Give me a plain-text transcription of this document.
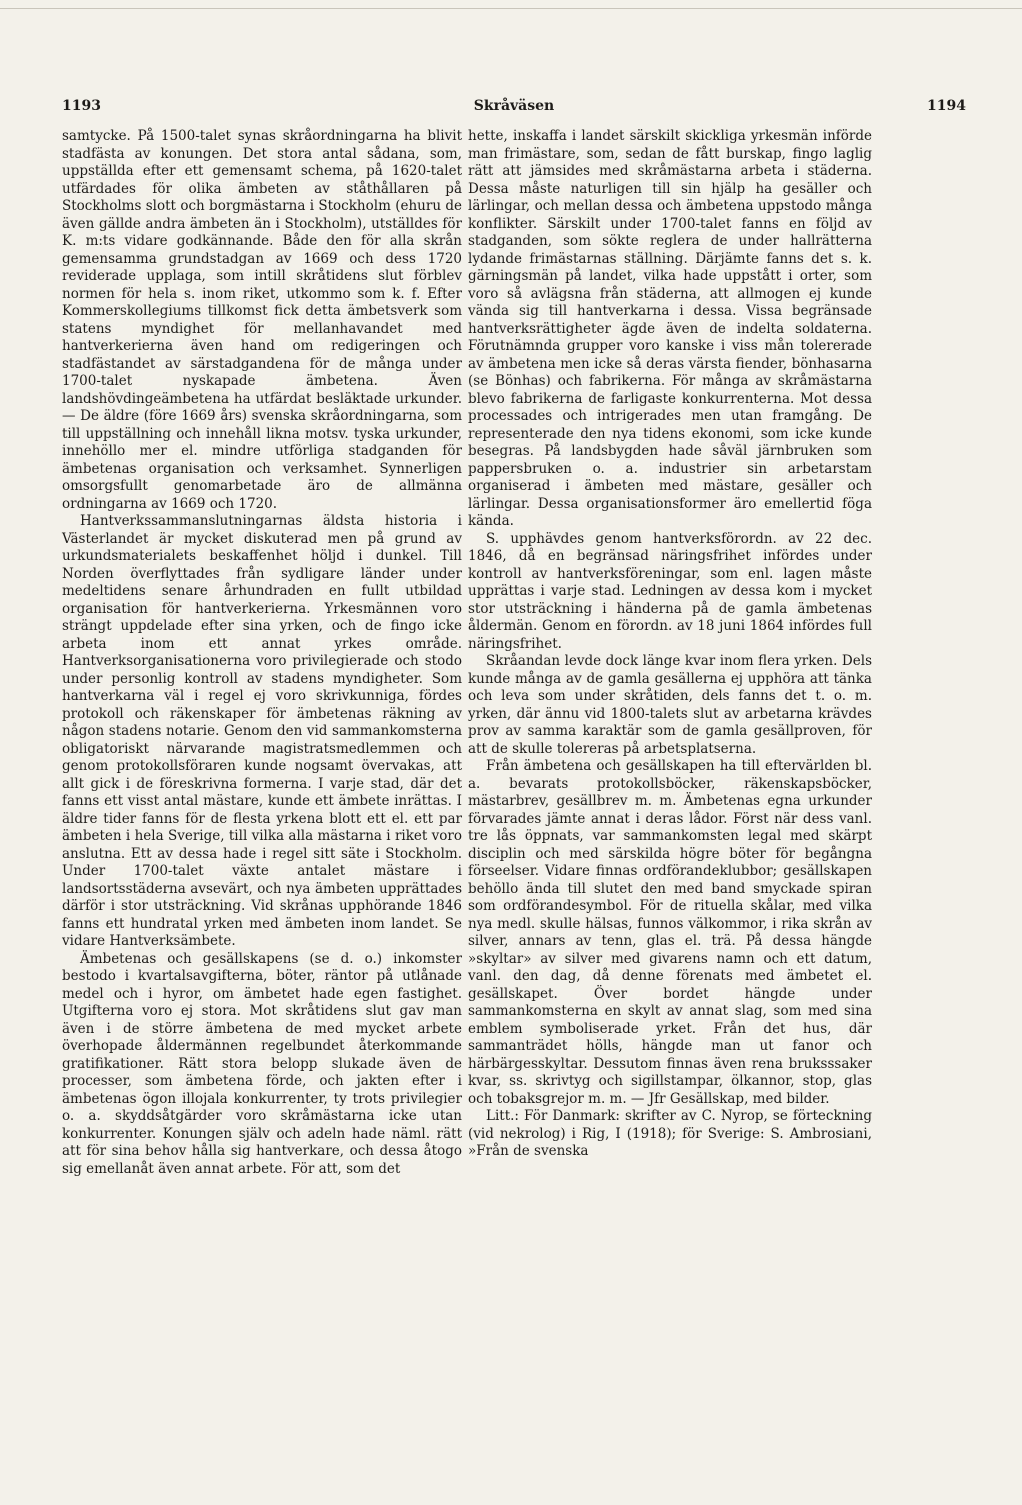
1193	Skråväsen	1194

samtycke. På 1500-talet synas skråordningarna ha blivit stadfästa av konungen. Det stora antal sådana, som, uppställda efter ett gemensamt schema, på 1620-talet utfärdades för olika ämbeten av ståthållaren på Stockholms slott och borgmästarna i Stockholm (ehuru de även gällde andra ämbeten än i Stockholm), utställdes för K. m:ts vidare godkännande. Både den för alla skrån gemensamma grundstadgan av 1669 och dess 1720 reviderade upplaga, som intill skråtidens slut förblev normen för hela s. inom riket, utkommo som k. f. Efter Kommerskollegiums tillkomst fick detta ämbetsverk som statens myndighet för mellanhavandet med hantverkerierna även hand om redigeringen och stadfästandet av särstadgandena för de många under 1700-talet nyskapade ämbetena. Även landshövdingeämbetena ha utfärdat besläktade urkunder. — De äldre (före 1669 års) svenska skråordningarna, som till uppställning och innehåll likna motsv. tyska urkunder, innehöllo mer el. mindre utförliga stadganden för ämbetenas organisation och verksamhet. Synnerligen omsorgsfullt genomarbetade äro de allmänna ordningarna av 1669 och 1720.

Hantverkssammanslutningarnas äldsta historia i Västerlandet är mycket diskuterad men på grund av urkundsmaterialets beskaffenhet höljd i dunkel. Till Norden överflyttades från sydligare länder under medeltidens senare århundraden en fullt utbildad organisation för hantverkerierna. Yrkesmännen voro strängt uppdelade efter sina yrken, och de fingo icke arbeta inom ett annat yrkes område. Hantverksorganisationerna voro privilegierade och stodo under personlig kontroll av stadens myndigheter. Som hantverkarna väl i regel ej voro skrivkunniga, fördes protokoll och räkenskaper för ämbetenas räkning av någon stadens notarie. Genom den vid sammankomsterna obligatoriskt närvarande magistratsmedlemmen och genom protokollsföraren kunde nogsamt övervakas, att allt gick i de föreskrivna formerna. I varje stad, där det fanns ett visst antal mästare, kunde ett ämbete inrättas. I äldre tider fanns för de flesta yrkena blott ett el. ett par ämbeten i hela Sverige, till vilka alla mästarna i riket voro anslutna. Ett av dessa hade i regel sitt säte i Stockholm. Under 1700-talet växte antalet mästare i landsortsstäderna avsevärt, och nya ämbeten upprättades därför i stor utsträckning. Vid skrånas upphörande 1846 fanns ett hundratal yrken med ämbeten inom landet. Se vidare Hantverksämbete.

Ämbetenas och gesällskapens (se d. o.) inkomster bestodo i kvartalsavgifterna, böter, räntor på utlånade medel och i hyror, om ämbetet hade egen fastighet. Utgifterna voro ej stora. Mot skråtidens slut gav man även i de större ämbetena de med mycket arbete överhopade åldermännen regelbundet återkommande gratifikationer. Rätt stora belopp slukade även de processer, som ämbetena förde, och jakten efter i ämbetenas ögon illojala konkurrenter, ty trots privilegier o. a. skyddsåtgärder voro skråmästarna icke utan konkurrenter. Konungen själv och adeln hade näml. rätt att för sina behov hålla sig hantverkare, och dessa åtogo sig emellanåt även annat arbete. För att, som det

hette, inskaffa i landet särskilt skickliga yrkesmän införde man frimästare, som, sedan de fått burskap, fingo laglig rätt att jämsides med skråmästarna arbeta i städerna. Dessa måste naturligen till sin hjälp ha gesäller och lärlingar, och mellan dessa och ämbetena uppstodo många konflikter. Särskilt under 1700-talet fanns en följd av stadganden, som sökte reglera de under hallrätterna lydande frimästarnas ställning. Därjämte fanns det s. k. gärningsmän på landet, vilka hade uppstått i orter, som voro så avlägsna från städerna, att allmogen ej kunde vända sig till hantverkarna i dessa. Vissa begränsade hantverksrättigheter ägde även de indelta soldaterna. Förutnämnda grupper voro kanske i viss mån tolererade av ämbetena men icke så deras värsta fiender, bönhasarna (se Bönhas) och fabrikerna. För många av skråmästarna blevo fabrikerna de farligaste konkurrenterna. Mot dessa processades och intrigerades men utan framgång. De representerade den nya tidens ekonomi, som icke kunde besegras. På landsbygden hade såväl järnbruken som pappersbruken o. a. industrier sin arbetarstam organiserad i ämbeten med mästare, gesäller och lärlingar. Dessa organisationsformer äro emellertid föga kända.

S. upphävdes genom hantverksförordn. av 22 dec. 1846, då en begränsad näringsfrihet infördes under kontroll av hantverksföreningar, som enl. lagen måste upprättas i varje stad. Ledningen av dessa kom i mycket stor utsträckning i händerna på de gamla ämbetenas åldermän. Genom en förordn. av 18 juni 1864 infördes full näringsfrihet.

Skråandan levde dock länge kvar inom flera yrken. Dels kunde många av de gamla gesällerna ej upphöra att tänka och leva som under skråtiden, dels fanns det t. o. m. yrken, där ännu vid 1800-talets slut av arbetarna krävdes prov av samma karaktär som de gamla gesällproven, för att de skulle tolereras på arbetsplatserna.

Från ämbetena och gesällskapen ha till eftervärlden bl. a. bevarats protokollsböcker, räkenskapsböcker, mästarbrev, gesällbrev m. m. Ämbetenas egna urkunder förvarades jämte annat i deras lådor. Först när dess vanl. tre lås öppnats, var sammankomsten legal med skärpt disciplin och med särskilda högre böter för begångna förseelser. Vidare finnas ordförandeklubbor; gesällskapen behöllo ända till slutet den med band smyckade spiran som ordförandesymbol. För de rituella skålar, med vilka nya medl. skulle hälsas, funnos välkommor, i rika skrån av silver, annars av tenn, glas el. trä. På dessa hängde »skyltar» av silver med givarens namn och ett datum, vanl. den dag, då denne förenats med ämbetet el. gesällskapet. Över bordet hängde under sammankomsterna en skylt av annat slag, som med sina emblem symboliserade yrket. Från det hus, där sammanträdet hölls, hängde man ut fanor och härbärgesskyltar. Dessutom finnas även rena bruksssaker kvar, ss. skrivtyg och sigillstampar, ölkannor, stop, glas och tobaksgrejor m. m. — Jfr Gesällskap, med bilder.

Litt.: För Danmark: skrifter av C. Nyrop, se förteckning (vid nekrolog) i Rig, I (1918); för Sverige: S. Ambrosiani, »Från de svenska
